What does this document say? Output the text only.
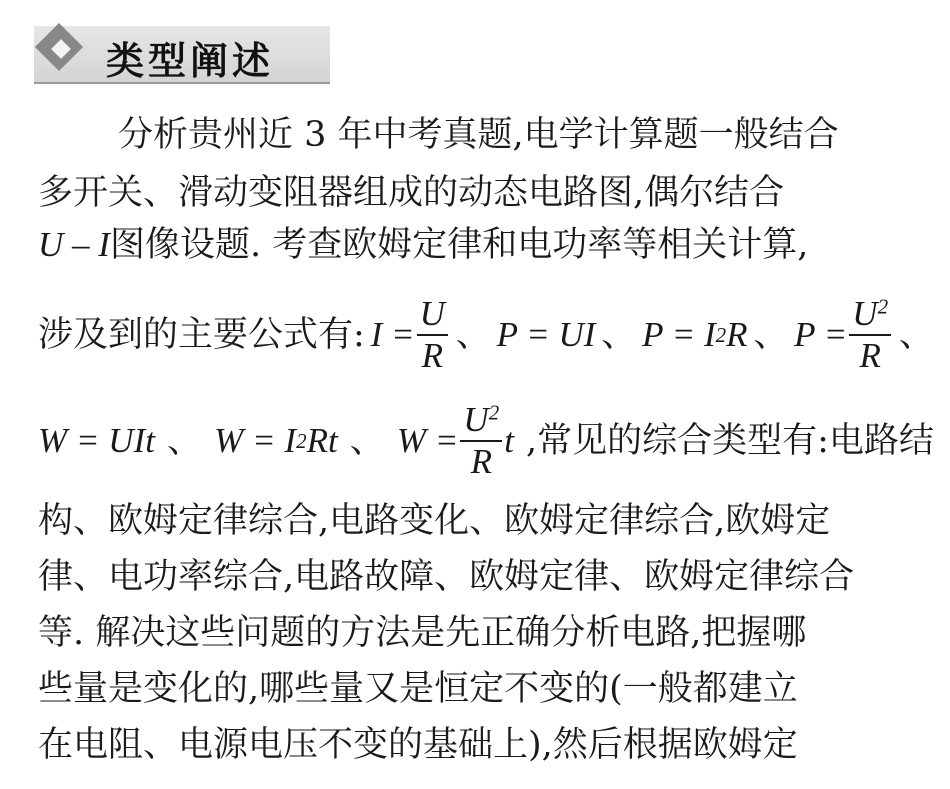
类型阐述
分析贵州近 3 年中考真题,电学计算题一般结合
多开关、滑动变阻器组成的动态电路图,偶尔结合
U – I 图像设题. 考查欧姆定律和电功率等相关计算,
涉及到的主要公式有: $I = \frac{U}{R}$ 、 P = UI 、 P = I 2 R 、 $P = \frac{U^2}{R}$ 、
W = UIt 、 W = I 2 Rt 、 $W = \frac{U^2}{R}$ t ,常见的综合类型有:电路结
构、欧姆定律综合,电路变化、欧姆定律综合,欧姆定
律、电功率综合,电路故障、欧姆定律、欧姆定律综合
等. 解决这些问题的方法是先正确分析电路,把握哪
些量是变化的,哪些量又是恒定不变的(一般都建立
在电阻、电源电压不变的基础上),然后根据欧姆定
